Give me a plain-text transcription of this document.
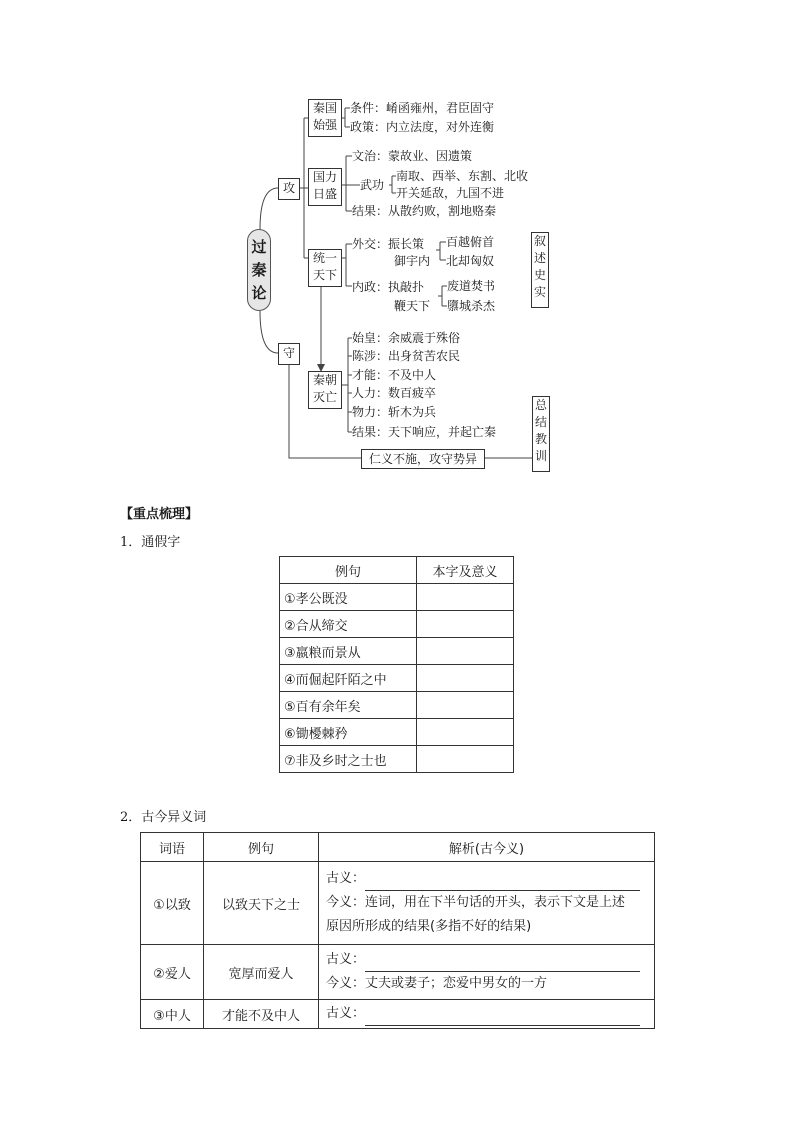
过
秦
论
攻
守
秦国
始强
国力
日盛
统一
天下
秦朝
灭亡
条件：崤函雍州，君臣固守
政策：内立法度，对外连衡
文治：蒙故业、因遗策
武功
南取、西举、东割、北收
开关延敌，九国不进
结果：从散约败，割地赂秦
外交：振长策
御宇内
百越俯首
北却匈奴
内政：执敲扑
鞭天下
废道焚书
隳城杀杰
叙
述
史
实
始皇：余威震于殊俗
陈涉：出身贫苦农民
才能：不及中人
人力：数百疲卒
物力：斩木为兵
结果：天下响应，并起亡秦
仁义不施，攻守势异
总
结
教
训
【重点梳理】
1．通假字
例句	本字及意义
①孝公既没	
②合从缔交	
③嬴粮而景从	
④而倔起阡陌之中	
⑤百有余年矣	
⑥锄櫌棘矜	
⑦非及乡时之士也	
2．古今异义词
词语	例句	解析(古今义)
①以致	以致天下之士	古义：
今义：连词，用在下半句话的开头，表示下文是上述
原因所形成的结果(多指不好的结果)

②爱人	宽厚而爱人	古义：
今义：丈夫或妻子；恋爱中男女的一方

③中人	才能不及中人	古义：
